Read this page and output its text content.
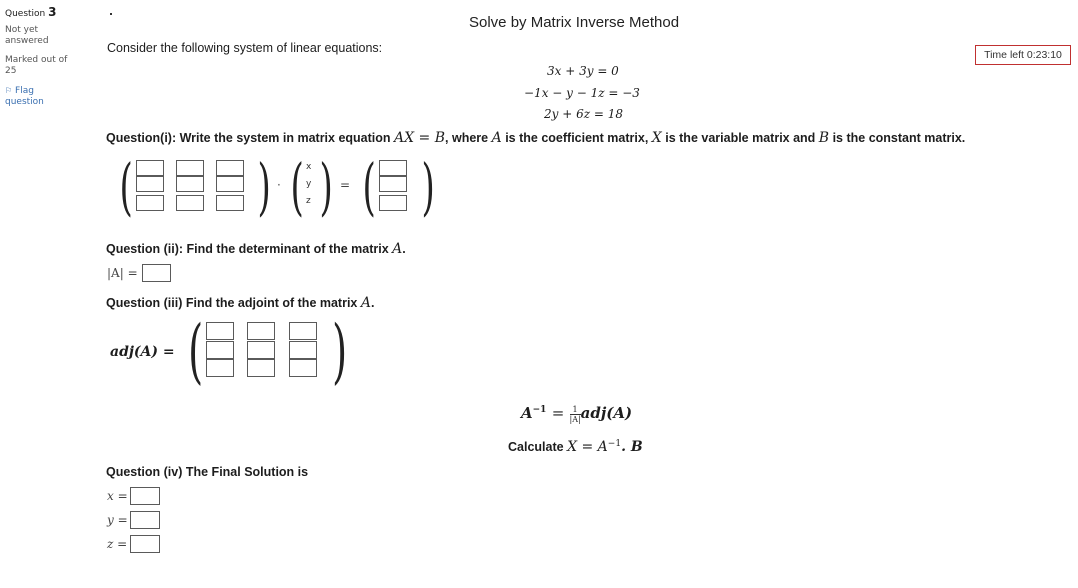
Question 3
Not yet
answered
Marked out of
25
⚐ Flag
question
Solve by Matrix Inverse Method
Time left 0:23:10
Consider the following system of linear equations:
3x + 3y = 0
−1x − y − 1z = −3
2y + 6z = 18
Question(i): Write the system in matrix equation AX = B, where A is the coefficient matrix, X is the variable matrix and B is the constant matrix.
( ) · ( x
y
z ) = ( )
Question (ii): Find the determinant of the matrix A.
|A| =
Question (iii) Find the adjoint of the matrix A.
adj(A) = ( )
$A^{-1} = \frac{1}{|A|} adj(A)$
Calculate $X = A^{-1}$. B
Question (iv) The Final Solution is
x =
y =
z =
